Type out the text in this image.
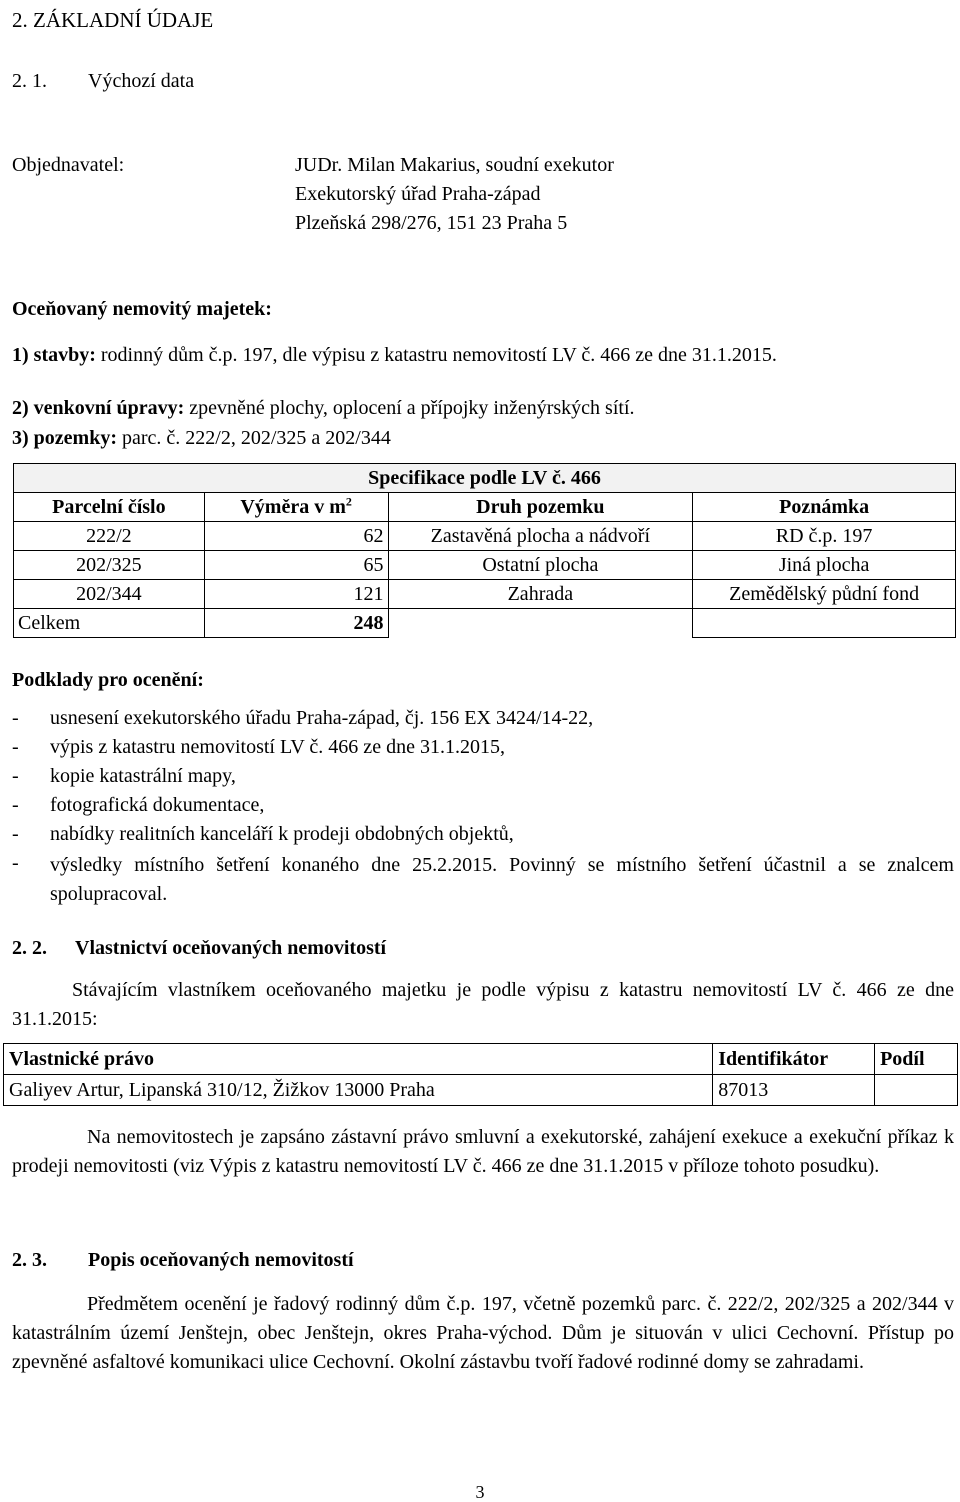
2. ZÁKLADNÍ ÚDAJE
2. 1. Výchozí data
Objednavatel:	JUDr. Milan Makarius, soudní exekutor
Exekutorský úřad Praha-západ
Plzeňská 298/276, 151 23 Praha 5
Oceňovaný nemovitý majetek:
1) stavby: rodinný dům č.p. 197, dle výpisu z katastru nemovitostí LV č. 466 ze dne 31.1.2015.
2) venkovní úpravy: zpevněné plochy, oplocení a přípojky inženýrských sítí.
3) pozemky: parc. č. 222/2, 202/325 a 202/344
Specifikace podle LV č. 466			
Parcelní číslo	Výměra v $m^2$	Druh pozemku	Poznámka
222/2	62	Zastavěná plocha a nádvoří	RD č.p. 197
202/325	65	Ostatní plocha	Jiná plocha
202/344	121	Zahrada	Zemědělský půdní fond
Celkem	248		
Podklady pro ocenění:
- usnesení exekutorského úřadu Praha-západ, čj. 156 EX 3424/14-22,
- výpis z katastru nemovitostí LV č. 466 ze dne 31.1.2015,
- kopie katastrální mapy,
- fotografická dokumentace,
- nabídky realitních kanceláří k prodeji obdobných objektů,
- výsledky místního šetření konaného dne 25.2.2015. Povinný se místního šetření účastnil a se znalcem spolupracoval.
2. 2. Vlastnictví oceňovaných nemovitostí
Stávajícím vlastníkem oceňovaného majetku je podle výpisu z katastru nemovitostí LV č. 466 ze dne 31.1.2015:
Vlastnické právo	Identifikátor	Podíl
Galiyev Artur, Lipanská 310/12, Žižkov 13000 Praha	87013	
Na nemovitostech je zapsáno zástavní právo smluvní a exekutorské, zahájení exekuce a exekuční příkaz k prodeji nemovitosti (viz Výpis z katastru nemovitostí LV č. 466 ze dne 31.1.2015 v příloze tohoto posudku).
2. 3. Popis oceňovaných nemovitostí
Předmětem ocenění je řadový rodinný dům č.p. 197, včetně pozemků parc. č. 222/2, 202/325 a 202/344 v katastrálním území Jenštejn, obec Jenštejn, okres Praha-východ. Dům je situován v ulici Cechovní. Přístup po zpevněné asfaltové komunikaci ulice Cechovní. Okolní zástavbu tvoří řadové rodinné domy se zahradami.
3
